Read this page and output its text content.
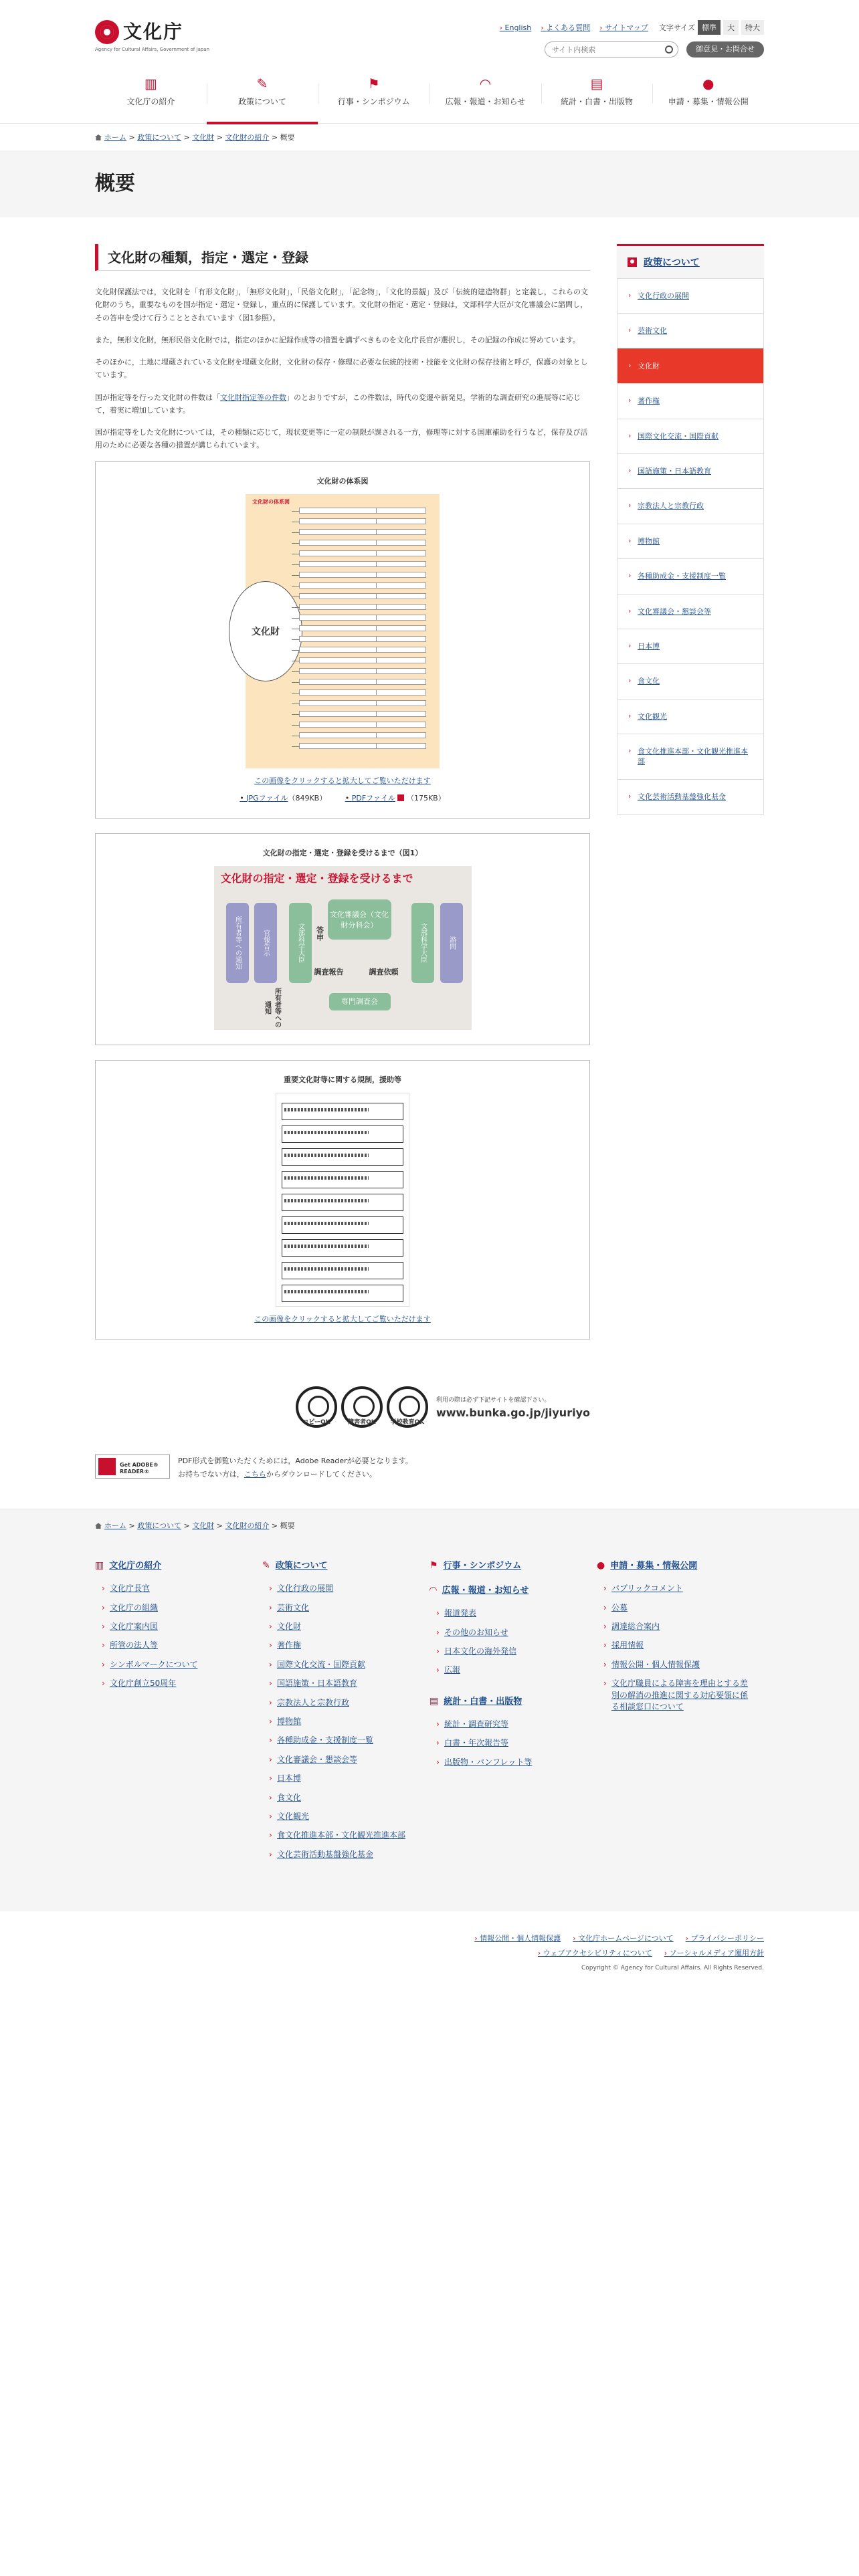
文化庁
Agency for Cultural Affairs, Government of Japan
› English	› よくある質問	› サイトマップ 文字サイズ 標準	大	特大
サイト内検索
御意見・お問合せ
▥
文化庁の紹介
✎
政策について
⚑
行事・シンポジウム
◠
広報・報道・お知らせ
▤
統計・白書・出版物
●
申請・募集・情報公開
ホーム > 政策について > 文化財 > 文化財の紹介 > 概要
概要
文化財の種類，指定・選定・登録

文化財保護法では，文化財を「有形文化財」，「無形文化財」，「民俗文化財」，「記念物」，「文化的景観」及び「伝統的建造物群」と定義し，これらの文化財のうち，重要なものを国が指定・選定・登録し，重点的に保護しています。文化財の指定・選定・登録は，文部科学大臣が文化審議会に諮問し，その答申を受けて行うこととされています（図1参照）。

また，無形文化財，無形民俗文化財では，指定のほかに記録作成等の措置を講ずべきものを文化庁長官が選択し，その記録の作成に努めています。

そのほかに，土地に埋蔵されている文化財を埋蔵文化財，文化財の保存・修理に必要な伝統的技術・技能を文化財の保存技術と呼び，保護の対象としています。

国が指定等を行った文化財の件数は「文化財指定等の件数」のとおりですが，この件数は，時代の変遷や新発見，学術的な調査研究の進展等に応じて，着実に増加しています。

国が指定等をした文化財については，その種類に応じて，現状変更等に一定の制限が課される一方，修理等に対する国庫補助を行うなど，保存及び活用のために必要な各種の措置が講じられています。

文化財の体系図
文化財の体系図
文化財
この画像をクリックすると拡大してご覧いただけます
• JPGファイル（849KB）	• PDFファイル （175KB）
文化財の指定・選定・登録を受けるまで（図1）
文化財の指定・選定・登録を受けるまで
所有者等への通知	官報告示	文部科学大臣
文化審議会（文化財分科会）	文部科学大臣	諮問
答申
調査報告	調査依頼
所有者等への通知	専門調査会
重要文化財等に関する規制，援助等
この画像をクリックすると拡大してご覧いただけます
コピーOK	障害者OK	学校教育OK
利用の際は必ず下記サイトを確認下さい。
www.bunka.go.jp/jiyuriyo
Get ADOBE® READER®
PDF形式を御覧いただくためには，Adobe Readerが必要となります。
お持ちでない方は，こちらからダウンロードしてください。
政策について
› 文化行政の展開
› 芸術文化
› 文化財
› 著作権
› 国際文化交流・国際貢献
› 国語施策・日本語教育
› 宗教法人と宗教行政
› 博物館
› 各種助成金・支援制度一覧
› 文化審議会・懇談会等
› 日本博
› 食文化
› 文化観光
› 食文化推進本部・文化観光推進本部
› 文化芸術活動基盤強化基金
ホーム > 政策について > 文化財 > 文化財の紹介 > 概要
▥ 文化庁の紹介
› 文化庁長官
› 文化庁の組織
› 文化庁案内図
› 所管の法人等
› シンボルマークについて
› 文化庁創立50周年
✎ 政策について
› 文化行政の展開
› 芸術文化
› 文化財
› 著作権
› 国際文化交流・国際貢献
› 国語施策・日本語教育
› 宗教法人と宗教行政
› 博物館
› 各種助成金・支援制度一覧
› 文化審議会・懇談会等
› 日本博
› 食文化
› 文化観光
› 食文化推進本部・文化観光推進本部
› 文化芸術活動基盤強化基金
⚑ 行事・シンポジウム
◠ 広報・報道・お知らせ
› 報道発表
› その他のお知らせ
› 日本文化の海外発信
› 広報
▤ 統計・白書・出版物
› 統計・調査研究等
› 白書・年次報告等
› 出版物・パンフレット等
● 申請・募集・情報公開
› パブリックコメント
› 公募
› 調達総合案内
› 採用情報
› 情報公開・個人情報保護
› 文化庁職員による障害を理由とする差別の解消の推進に関する対応要領に係る相談窓口について
› 情報公開・個人情報保護 › 文化庁ホームページについて › プライバシーポリシー
› ウェブアクセシビリティについて › ソーシャルメディア運用方針
Copyright © Agency for Cultural Affairs. All Rights Reserved.
